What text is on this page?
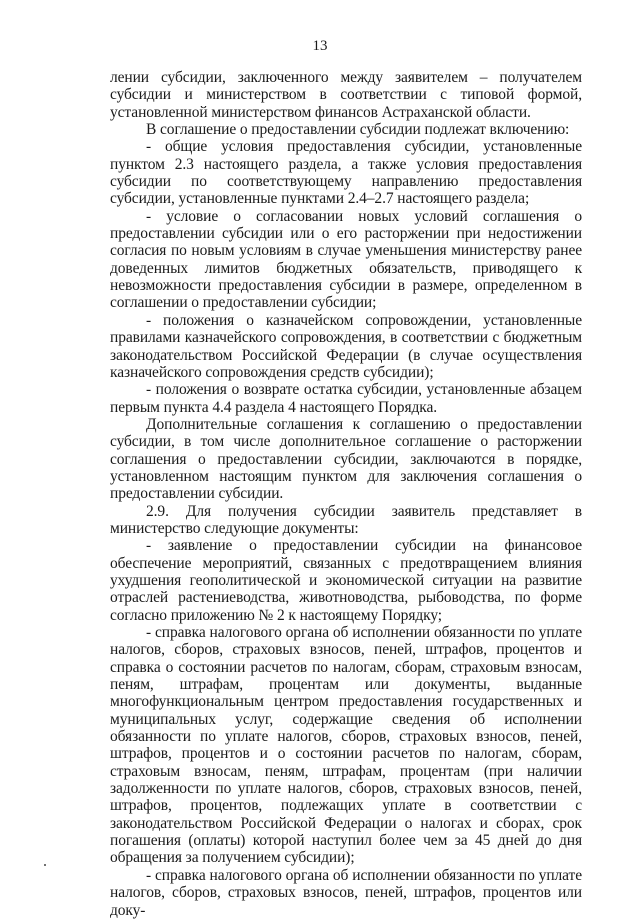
13

лении субсидии, заключенного между заявителем – получателем субсидии и министерством в соответствии с типовой формой, установленной министерством финансов Астраханской области.

В соглашение о предоставлении субсидии подлежат включению:

- общие условия предоставления субсидии, установленные пунктом 2.3 настоящего раздела, а также условия предоставления субсидии по соответствующему направлению предоставления субсидии, установленные пунктами 2.4–2.7 настоящего раздела;

- условие о согласовании новых условий соглашения о предоставлении субсидии или о его расторжении при недостижении согласия по новым условиям в случае уменьшения министерству ранее доведенных лимитов бюджетных обязательств, приводящего к невозможности предоставления субсидии в размере, определенном в соглашении о предоставлении субсидии;

- положения о казначейском сопровождении, установленные правилами казначейского сопровождения, в соответствии с бюджетным законодательством Российской Федерации (в случае осуществления казначейского сопровождения средств субсидии);

- положения о возврате остатка субсидии, установленные абзацем первым пункта 4.4 раздела 4 настоящего Порядка.

Дополнительные соглашения к соглашению о предоставлении субсидии, в том числе дополнительное соглашение о расторжении соглашения о предоставлении субсидии, заключаются в порядке, установленном настоящим пунктом для заключения соглашения о предоставлении субсидии.

2.9. Для получения субсидии заявитель представляет в министерство следующие документы:

- заявление о предоставлении субсидии на финансовое обеспечение мероприятий, связанных с предотвращением влияния ухудшения геополитической и экономической ситуации на развитие отраслей растениеводства, животноводства, рыбоводства, по форме согласно приложению № 2 к настоящему Порядку;

- справка налогового органа об исполнении обязанности по уплате налогов, сборов, страховых взносов, пеней, штрафов, процентов и справка о состоянии расчетов по налогам, сборам, страховым взносам, пеням, штрафам, процентам или документы, выданные многофункциональным центром предоставления государственных и муниципальных услуг, содержащие сведения об исполнении обязанности по уплате налогов, сборов, страховых взносов, пеней, штрафов, процентов и о состоянии расчетов по налогам, сборам, страховым взносам, пеням, штрафам, процентам (при наличии задолженности по уплате налогов, сборов, страховых взносов, пеней, штрафов, процентов, подлежащих уплате в соответствии с законодательством Российской Федерации о налогах и сборах, срок погашения (оплаты) которой наступил более чем за 45 дней до дня обращения за получением субсидии);

- справка налогового органа об исполнении обязанности по уплате налогов, сборов, страховых взносов, пеней, штрафов, процентов или доку-
